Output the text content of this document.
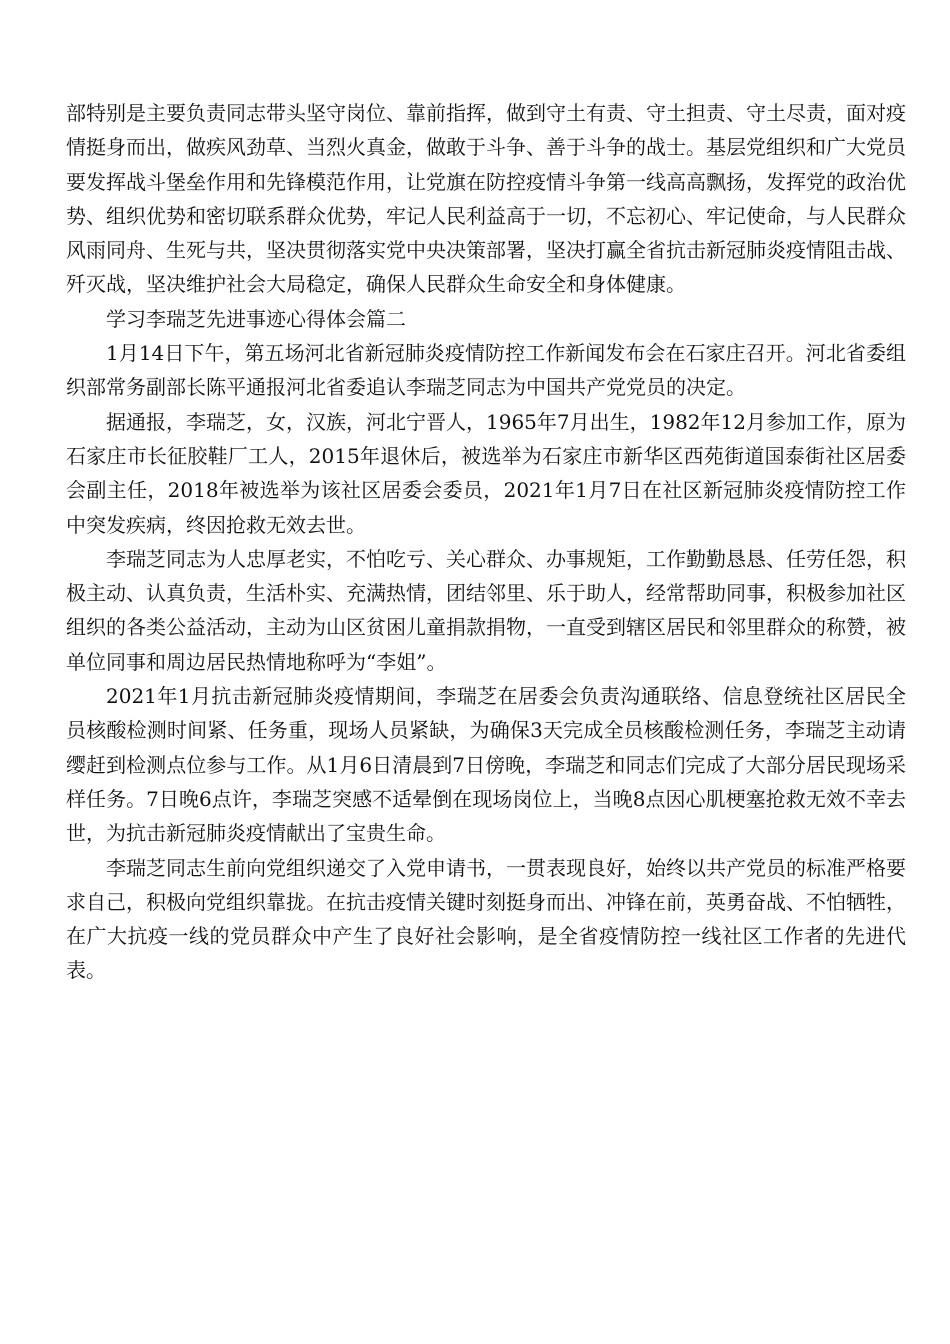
部特别是主要负责同志带头坚守岗位、靠前指挥，做到守土有责、守土担责、守土尽责，面对疫情挺身而出，做疾风劲草、当烈火真金，做敢于斗争、善于斗争的战士。基层党组织和广大党员要发挥战斗堡垒作用和先锋模范作用，让党旗在防控疫情斗争第一线高高飘扬，发挥党的政治优势、组织优势和密切联系群众优势，牢记人民利益高于一切，不忘初心、牢记使命，与人民群众风雨同舟、生死与共，坚决贯彻落实党中央决策部署，坚决打赢全省抗击新冠肺炎疫情阻击战、歼灭战，坚决维护社会大局稳定，确保人民群众生命安全和身体健康。

学习李瑞芝先进事迹心得体会篇二

1月14日下午，第五场河北省新冠肺炎疫情防控工作新闻发布会在石家庄召开。河北省委组织部常务副部长陈平通报河北省委追认李瑞芝同志为中国共产党党员的决定。

据通报，李瑞芝，女，汉族，河北宁晋人，1965年7月出生，1982年12月参加工作，原为石家庄市长征胶鞋厂工人，2015年退休后，被选举为石家庄市新华区西苑街道国泰街社区居委会副主任，2018年被选举为该社区居委会委员，2021年1月7日在社区新冠肺炎疫情防控工作中突发疾病，终因抢救无效去世。

李瑞芝同志为人忠厚老实，不怕吃亏、关心群众、办事规矩，工作勤勤恳恳、任劳任怨，积极主动、认真负责，生活朴实、充满热情，团结邻里、乐于助人，经常帮助同事，积极参加社区组织的各类公益活动，主动为山区贫困儿童捐款捐物，一直受到辖区居民和邻里群众的称赞，被单位同事和周边居民热情地称呼为“李姐”。

2021年1月抗击新冠肺炎疫情期间，李瑞芝在居委会负责沟通联络、信息登统社区居民全员核酸检测时间紧、任务重，现场人员紧缺，为确保3天完成全员核酸检测任务，李瑞芝主动请缨赶到检测点位参与工作。从1月6日清晨到7日傍晚，李瑞芝和同志们完成了大部分居民现场采样任务。7日晚6点许，李瑞芝突感不适晕倒在现场岗位上，当晚8点因心肌梗塞抢救无效不幸去世，为抗击新冠肺炎疫情献出了宝贵生命。

李瑞芝同志生前向党组织递交了入党申请书，一贯表现良好，始终以共产党员的标准严格要求自己，积极向党组织靠拢。在抗击疫情关键时刻挺身而出、冲锋在前，英勇奋战、不怕牺牲，在广大抗疫一线的党员群众中产生了良好社会影响，是全省疫情防控一线社区工作者的先进代表。
